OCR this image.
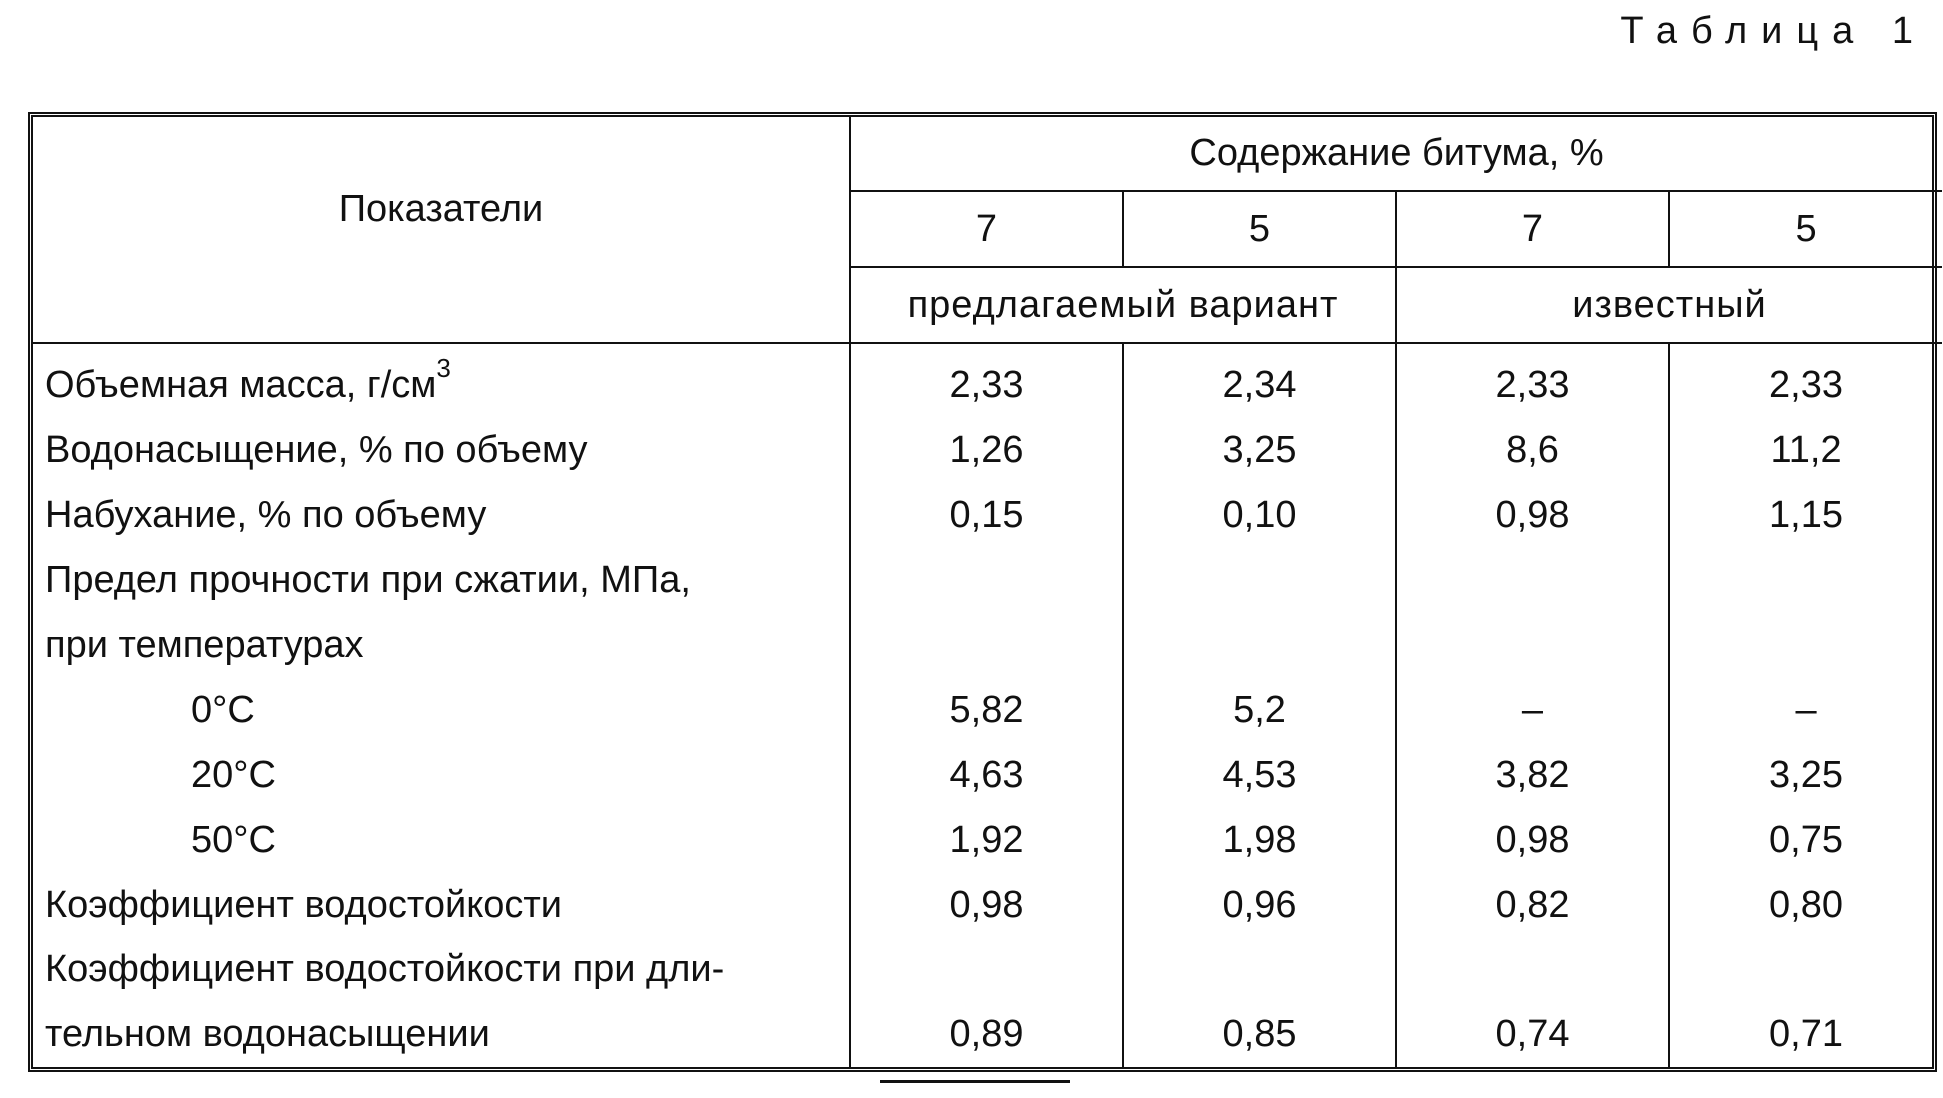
Таблица 1
Показатели	Содержание битума, %			
	7	5	7	5
	предлагаемый вариант		известный	
Объемная масса, $г/см^3$	2,33	2,34	2,33	2,33
Водонасыщение, % по объему	1,26	3,25	8,6	11,2
Набухание, % по объему	0,15	0,10	0,98	1,15
Предел прочности при сжатии, МПа,				
при температурах				
0°С	5,82	5,2	–	–
20°С	4,63	4,53	3,82	3,25
50°С	1,92	1,98	0,98	0,75
Коэффициент водостойкости	0,98	0,96	0,82	0,80
Коэффициент водостойкости при дли-				
тельном водонасыщении	0,89	0,85	0,74	0,71
